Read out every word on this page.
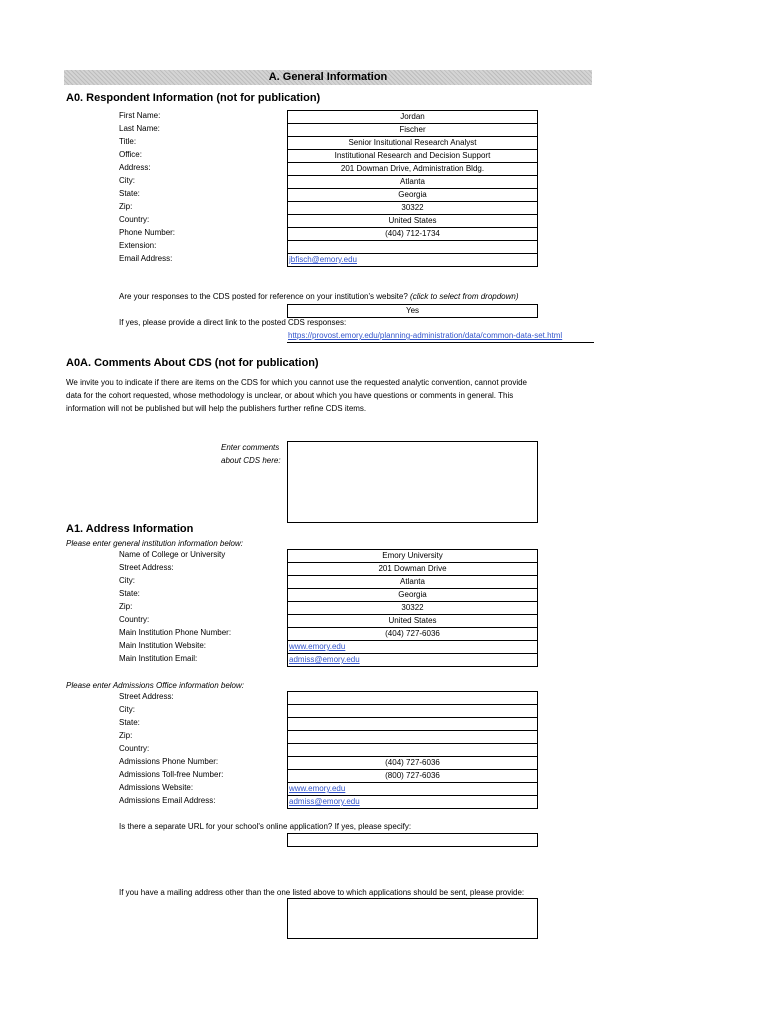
A. General Information
A0. Respondent Information (not for publication)
First Name:	Jordan
Last Name:	Fischer
Title:	Senior Insitutional Research Analyst
Office:	Institutional Research and Decision Support
Address:	201 Dowman Drive, Administration Bldg.
City:	Atlanta
State:	Georgia
Zip:	30322
Country:	United States
Phone Number:	(404) 712-1734
Extension:
Email Address:	jbfisch@emory.edu
Are your responses to the CDS posted for reference on your institution's website? (click to select from dropdown)
Yes
If yes, please provide a direct link to the posted CDS responses:
https://provost.emory.edu/planning-administration/data/common-data-set.html
A0A. Comments About CDS (not for publication)
We invite you to indicate if there are items on the CDS for which you cannot use the requested analytic convention, cannot provide data for the cohort requested, whose methodology is unclear, or about which you have questions or comments in general. This information will not be published but will help the publishers further refine CDS items.
Enter comments
about CDS here:
A1. Address Information
Please enter general institution information below:
Name of College or University	Emory University
Street Address:	201 Dowman Drive
City:	Atlanta
State:	Georgia
Zip:	30322
Country:	United States
Main Institution Phone Number:	(404) 727-6036
Main Institution Website:	www.emory.edu
Main Institution Email:	admiss@emory.edu
Please enter Admissions Office information below:
Street Address:
City:
State:
Zip:
Country:
Admissions Phone Number:	(404) 727-6036
Admissions Toll-free Number:	(800) 727-6036
Admissions Website:	www.emory.edu
Admissions Email Address:	admiss@emory.edu
Is there a separate URL for your school's online application? If yes, please specify:
If you have a mailing address other than the one listed above to which applications should be sent, please provide:
